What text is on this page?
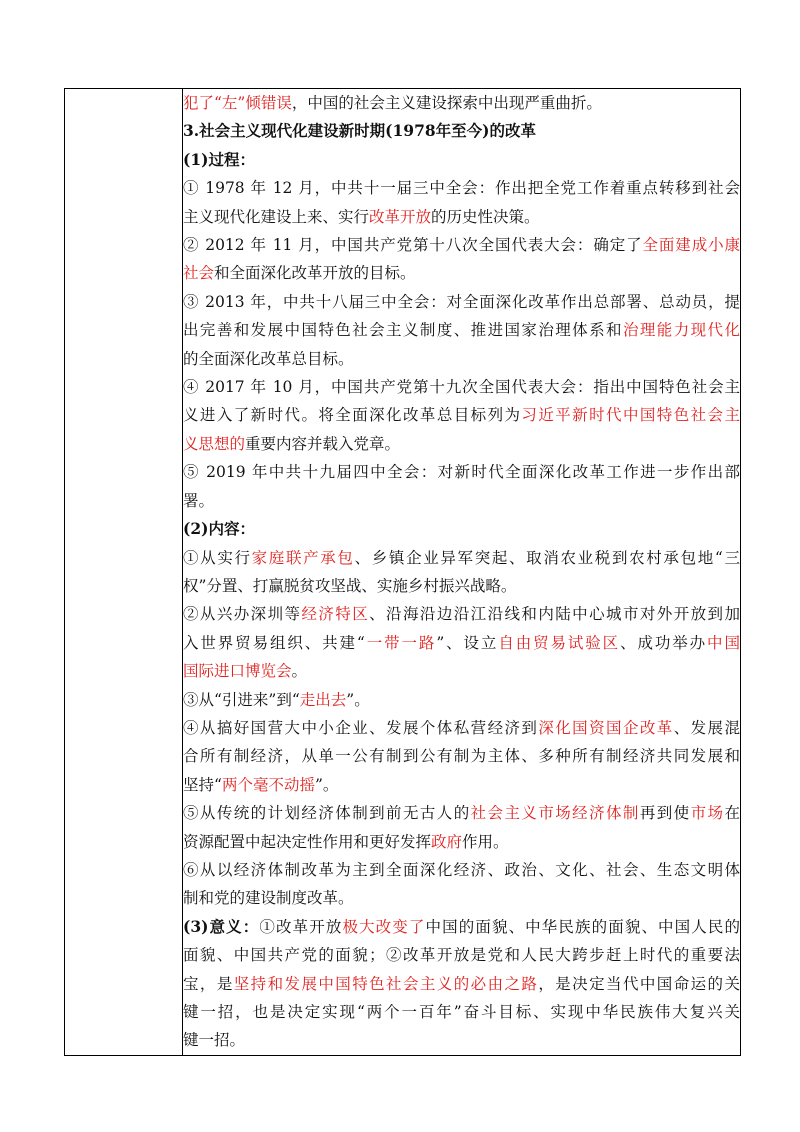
犯了“左”倾错误，中国的社会主义建设探索中出现严重曲折。
3.社会主义现代化建设新时期(1978年至今)的改革
(1)过程：
① 1978 年 12 月，中共十一届三中全会：作出把全党工作着重点转移到社会
主义现代化建设上来、实行改革开放的历史性决策。
② 2012 年 11 月，中国共产党第十八次全国代表大会：确定了全面建成小康
社会和全面深化改革开放的目标。
③ 2013 年，中共十八届三中全会：对全面深化改革作出总部署、总动员，提
出完善和发展中国特色社会主义制度、推进国家治理体系和治理能力现代化
的全面深化改革总目标。
④ 2017 年 10 月，中国共产党第十九次全国代表大会：指出中国特色社会主
义进入了新时代。将全面深化改革总目标列为习近平新时代中国特色社会主
义思想的重要内容并载入党章。
⑤ 2019 年中共十九届四中全会：对新时代全面深化改革工作进一步作出部
署。
(2)内容：
①从实行家庭联产承包、乡镇企业异军突起、取消农业税到农村承包地“三
权”分置、打赢脱贫攻坚战、实施乡村振兴战略。
②从兴办深圳等经济特区、沿海沿边沿江沿线和内陆中心城市对外开放到加
入世界贸易组织、共建“一带一路”、设立自由贸易试验区、成功举办中国
国际进口博览会。
③从“引进来”到“走出去”。
④从搞好国营大中小企业、发展个体私营经济到深化国资国企改革、发展混
合所有制经济，从单一公有制到公有制为主体、多种所有制经济共同发展和
坚持“两个毫不动摇”。
⑤从传统的计划经济体制到前无古人的社会主义市场经济体制再到使市场在
资源配置中起决定性作用和更好发挥政府作用。
⑥从以经济体制改革为主到全面深化经济、政治、文化、社会、生态文明体
制和党的建设制度改革。
(3)意义：①改革开放极大改变了中国的面貌、中华民族的面貌、中国人民的
面貌、中国共产党的面貌；②改革开放是党和人民大跨步赶上时代的重要法
宝，是坚持和发展中国特色社会主义的必由之路，是决定当代中国命运的关
键一招，也是决定实现“两个一百年”奋斗目标、实现中华民族伟大复兴关
键一招。
